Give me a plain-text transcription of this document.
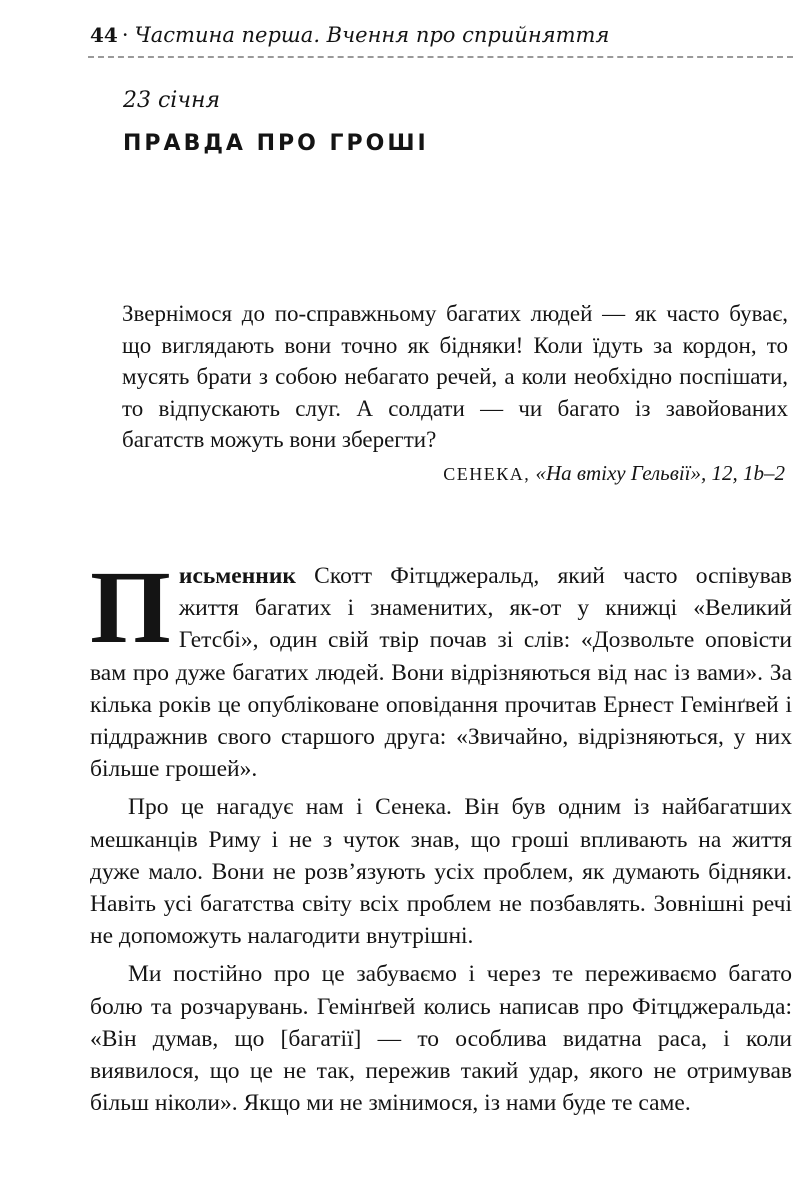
44 · Частина перша. Вчення про сприйняття
23 січня
ПРАВДА ПРО ГРОШІ

Звернімося до по-справжньому багатих людей — як часто буває, що виглядають вони точно як бідняки! Коли їдуть за кордон, то мусять брати з собою небагато речей, а коли необхідно поспішати, то відпускають слуг. А солдати — чи багато із завойованих багатств можуть вони зберегти?

СЕНЕКА, «На втіху Гельвії», 12, 1b–2

Письменник Скотт Фітцджеральд, який часто оспівував життя багатих і знаменитих, як-от у книжці «Великий Гетсбі», один свій твір почав зі слів: «Дозвольте оповісти вам про дуже багатих людей. Вони відрізняються від нас із вами». За кілька років це опубліковане оповідання прочитав Ернест Гемінґвей і піддражнив свого старшого друга: «Звичайно, відрізняються, у них більше грошей».

Про це нагадує нам і Сенека. Він був одним із найбагатших мешканців Риму і не з чуток знав, що гроші впливають на життя дуже мало. Вони не розв’язують усіх проблем, як думають бідняки. Навіть усі багатства світу всіх проблем не позбавлять. Зовнішні речі не допоможуть налагодити внутрішні.

Ми постійно про це забуваємо і через те переживаємо багато болю та розчарувань. Гемінґвей колись написав про Фітцджеральда: «Він думав, що [багатії] — то особлива видатна раса, і коли виявилося, що це не так, пережив такий удар, якого не отримував більш ніколи». Якщо ми не змінимося, із нами буде те саме.
